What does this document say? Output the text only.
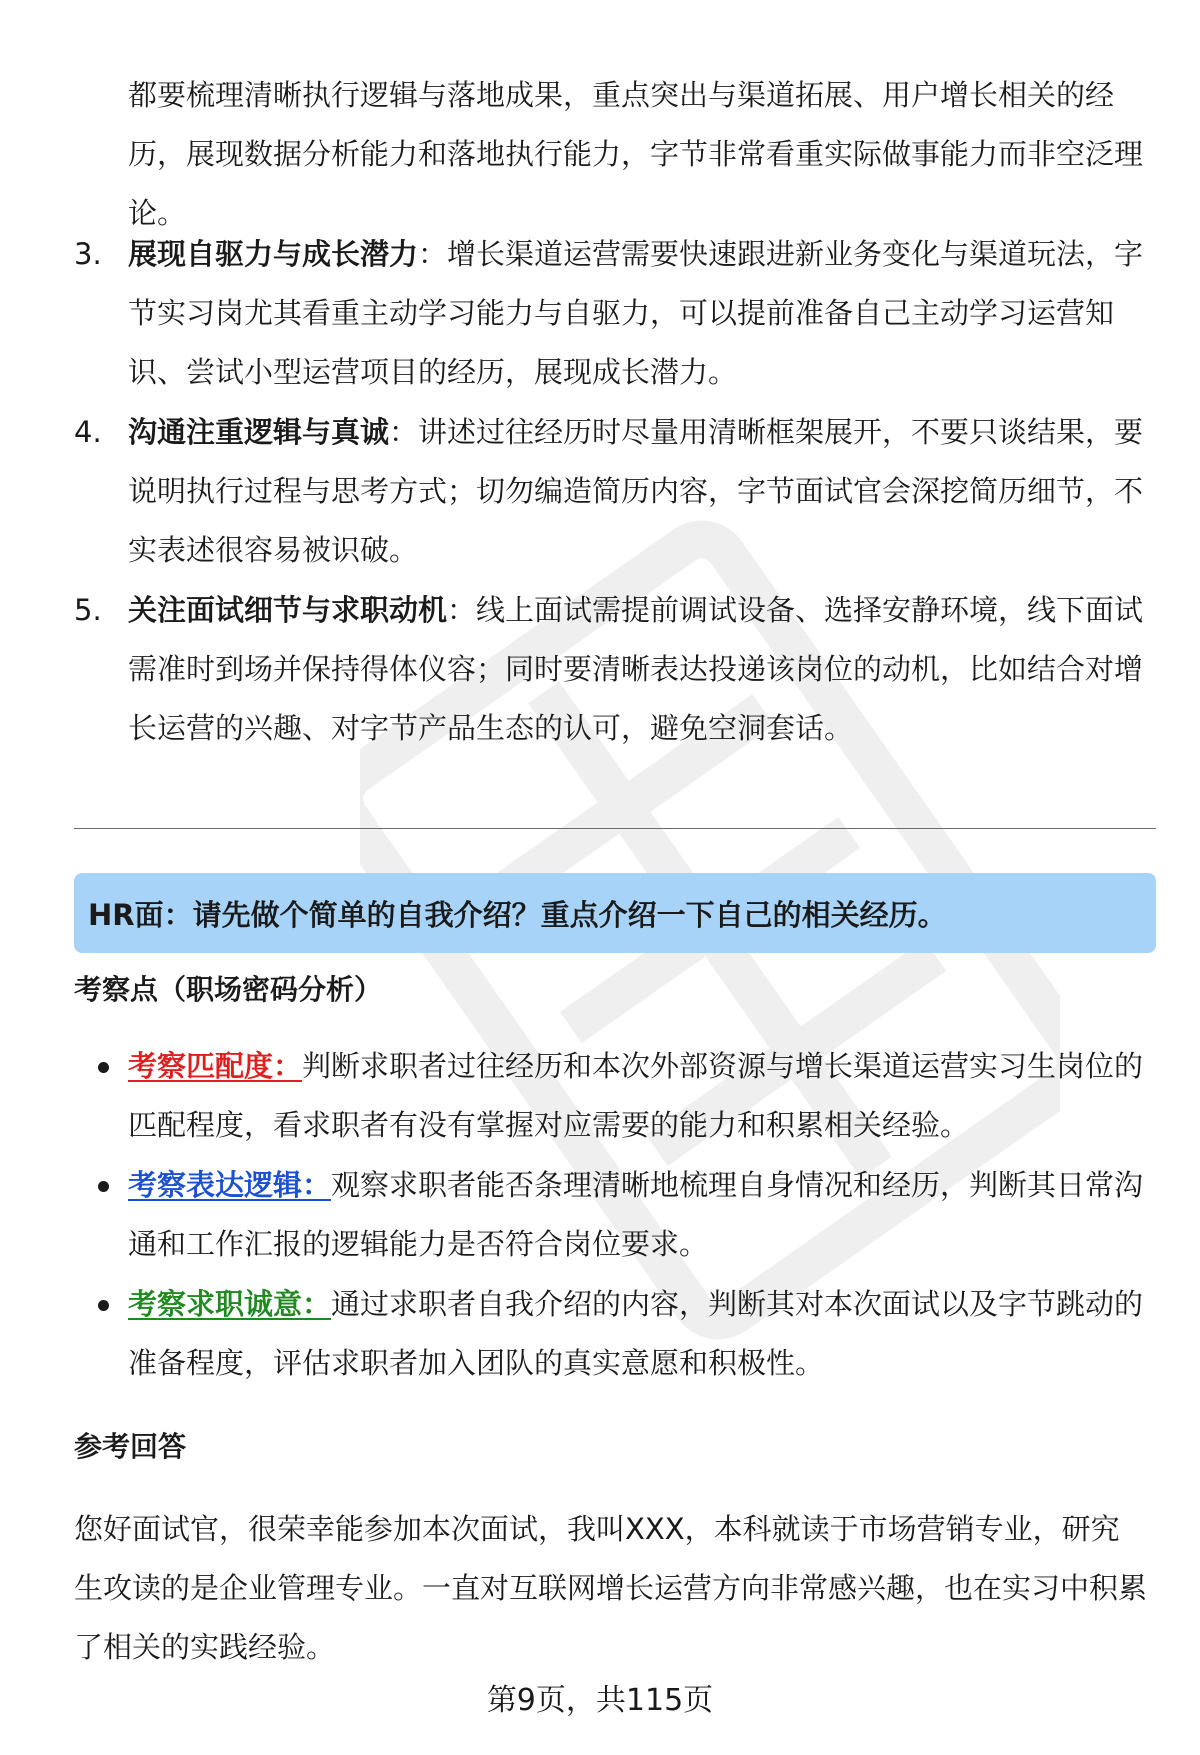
都要梳理清晰执行逻辑与落地成果，重点突出与渠道拓展、用户增长相关的经历，展现数据分析能力和落地执行能力，字节非常看重实际做事能力而非空泛理论。
3. 展现自驱力与成长潜力：增长渠道运营需要快速跟进新业务变化与渠道玩法，字节实习岗尤其看重主动学习能力与自驱力，可以提前准备自己主动学习运营知识、尝试小型运营项目的经历，展现成长潜力。
4. 沟通注重逻辑与真诚：讲述过往经历时尽量用清晰框架展开，不要只谈结果，要说明执行过程与思考方式；切勿编造简历内容，字节面试官会深挖简历细节，不实表述很容易被识破。
5. 关注面试细节与求职动机：线上面试需提前调试设备、选择安静环境，线下面试需准时到场并保持得体仪容；同时要清晰表达投递该岗位的动机，比如结合对增长运营的兴趣、对字节产品生态的认可，避免空洞套话。
HR面：请先做个简单的自我介绍？重点介绍一下自己的相关经历。
考察点（职场密码分析）
考察匹配度：判断求职者过往经历和本次外部资源与增长渠道运营实习生岗位的匹配程度，看求职者有没有掌握对应需要的能力和积累相关经验。
考察表达逻辑：观察求职者能否条理清晰地梳理自身情况和经历，判断其日常沟通和工作汇报的逻辑能力是否符合岗位要求。
考察求职诚意：通过求职者自我介绍的内容，判断其对本次面试以及字节跳动的准备程度，评估求职者加入团队的真实意愿和积极性。
参考回答
您好面试官，很荣幸能参加本次面试，我叫XXX，本科就读于市场营销专业，研究生攻读的是企业管理专业。一直对互联网增长运营方向非常感兴趣，也在实习中积累了相关的实践经验。
第9页，共115页
